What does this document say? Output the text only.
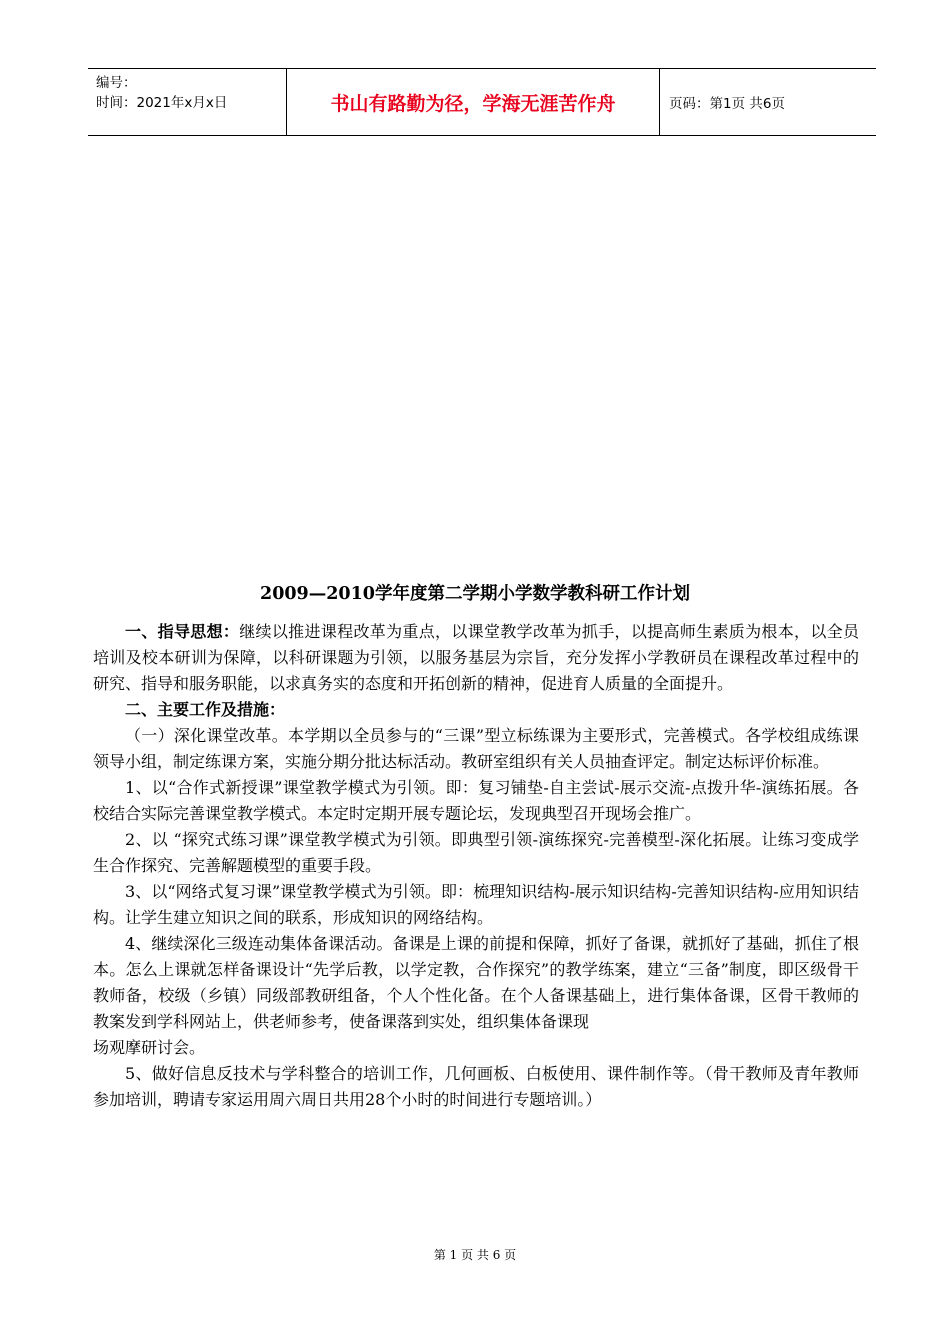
编号：
时间：2021年x月x日	书山有路勤为径，学海无涯苦作舟	页码：第1页 共6页
2009—2010学年度第二学期小学数学教科研工作计划

一、指导思想：继续以推进课程改革为重点，以课堂教学改革为抓手，以提高师生素质为根本，以全员培训及校本研训为保障，以科研课题为引领，以服务基层为宗旨，充分发挥小学教研员在课程改革过程中的研究、指导和服务职能，以求真务实的态度和开拓创新的精神，促进育人质量的全面提升。

二、主要工作及措施：

（一）深化课堂改革。本学期以全员参与的“三课”型立标练课为主要形式，完善模式。各学校组成练课领导小组，制定练课方案，实施分期分批达标活动。教研室组织有关人员抽查评定。制定达标评价标准。

1、以“合作式新授课”课堂教学模式为引领。即：复习铺垫-自主尝试-展示交流-点拨升华-演练拓展。各校结合实际完善课堂教学模式。本定时定期开展专题论坛，发现典型召开现场会推广。

2、以 “探究式练习课”课堂教学模式为引领。即典型引领-演练探究-完善模型-深化拓展。让练习变成学生合作探究、完善解题模型的重要手段。

3、以“网络式复习课”课堂教学模式为引领。即：梳理知识结构-展示知识结构-完善知识结构-应用知识结构。让学生建立知识之间的联系，形成知识的网络结构。

4、继续深化三级连动集体备课活动。备课是上课的前提和保障，抓好了备课，就抓好了基础，抓住了根本。怎么上课就怎样备课设计“先学后教，以学定教，合作探究”的教学练案，建立“三备”制度，即区级骨干教师备，校级（乡镇）同级部教研组备，个人个性化备。在个人备课基础上，进行集体备课，区骨干教师的教案发到学科网站上，供老师参考，使备课落到实处，组织集体备课现

场观摩研讨会。

5、做好信息反技术与学科整合的培训工作，几何画板、白板使用、课件制作等。（骨干教师及青年教师参加培训，聘请专家运用周六周日共用28个小时的时间进行专题培训。）

第 1 页 共 6 页
